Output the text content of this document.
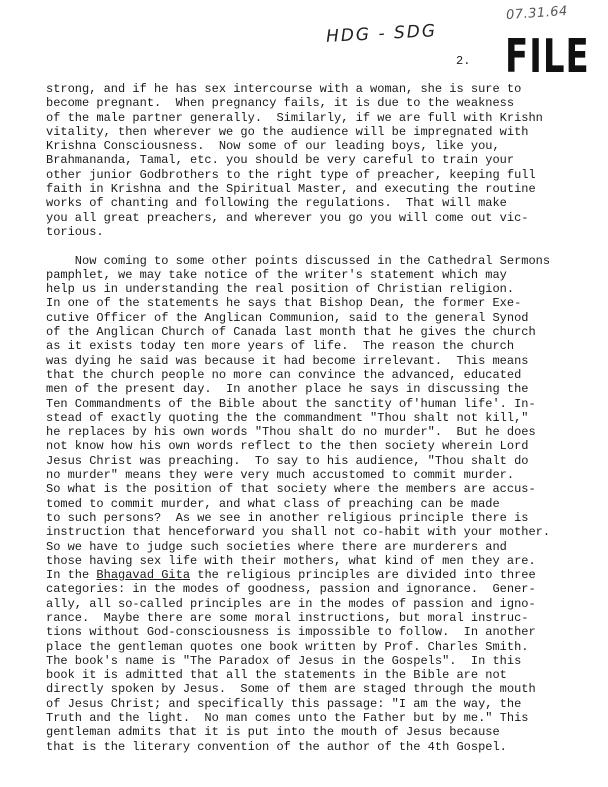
07.31.64
HDG - SDG
2. FILE
strong, and if he has sex intercourse with a woman, she is sure to
become pregnant.  When pregnancy fails, it is due to the weakness
of the male partner generally.  Similarly, if we are full with Krishn
vitality, then wherever we go the audience will be impregnated with
Krishna Consciousness.  Now some of our leading boys, like you,
Brahmananda, Tamal, etc. you should be very careful to train your
other junior Godbrothers to the right type of preacher, keeping full
faith in Krishna and the Spiritual Master, and executing the routine
works of chanting and following the regulations.  That will make
you all great preachers, and wherever you go you will come out vic-
torious.
Now coming to some other points discussed in the Cathedral Sermons
pamphlet, we may take notice of the writer's statement which may
help us in understanding the real position of Christian religion.
In one of the statements he says that Bishop Dean, the former Exe-
cutive Officer of the Anglican Communion, said to the general Synod
of the Anglican Church of Canada last month that he gives the church
as it exists today ten more years of life.  The reason the church
was dying he said was because it had become irrelevant.  This means
that the church people no more can convince the advanced, educated
men of the present day.  In another place he says in discussing the
Ten Commandments of the Bible about the sanctity of'human life'. In-
stead of exactly quoting the the commandment "Thou shalt not kill,"
he replaces by his own words "Thou shalt do no murder".  But he does
not know how his own words reflect to the then society wherein Lord
Jesus Christ was preaching.  To say to his audience, "Thou shalt do
no murder" means they were very much accustomed to commit murder.
So what is the position of that society where the members are accus-
tomed to commit murder, and what class of preaching can be made
to such persons?  As we see in another religious principle there is
instruction that henceforward you shall not co-habit with your mother.
So we have to judge such societies where there are murderers and
those having sex life with their mothers, what kind of men they are.
In the Bhagavad Gita the religious principles are divided into three
categories: in the modes of goodness, passion and ignorance.  Gener-
ally, all so-called principles are in the modes of passion and igno-
rance.  Maybe there are some moral instructions, but moral instruc-
tions without God-consciousness is impossible to follow.  In another
place the gentleman quotes one book written by Prof. Charles Smith.
The book's name is "The Paradox of Jesus in the Gospels".  In this
book it is admitted that all the statements in the Bible are not
directly spoken by Jesus.  Some of them are staged through the mouth
of Jesus Christ; and specifically this passage: "I am the way, the
Truth and the light.  No man comes unto the Father but by me." This
gentleman admits that it is put into the mouth of Jesus because
that is the literary convention of the author of the 4th Gospel.
